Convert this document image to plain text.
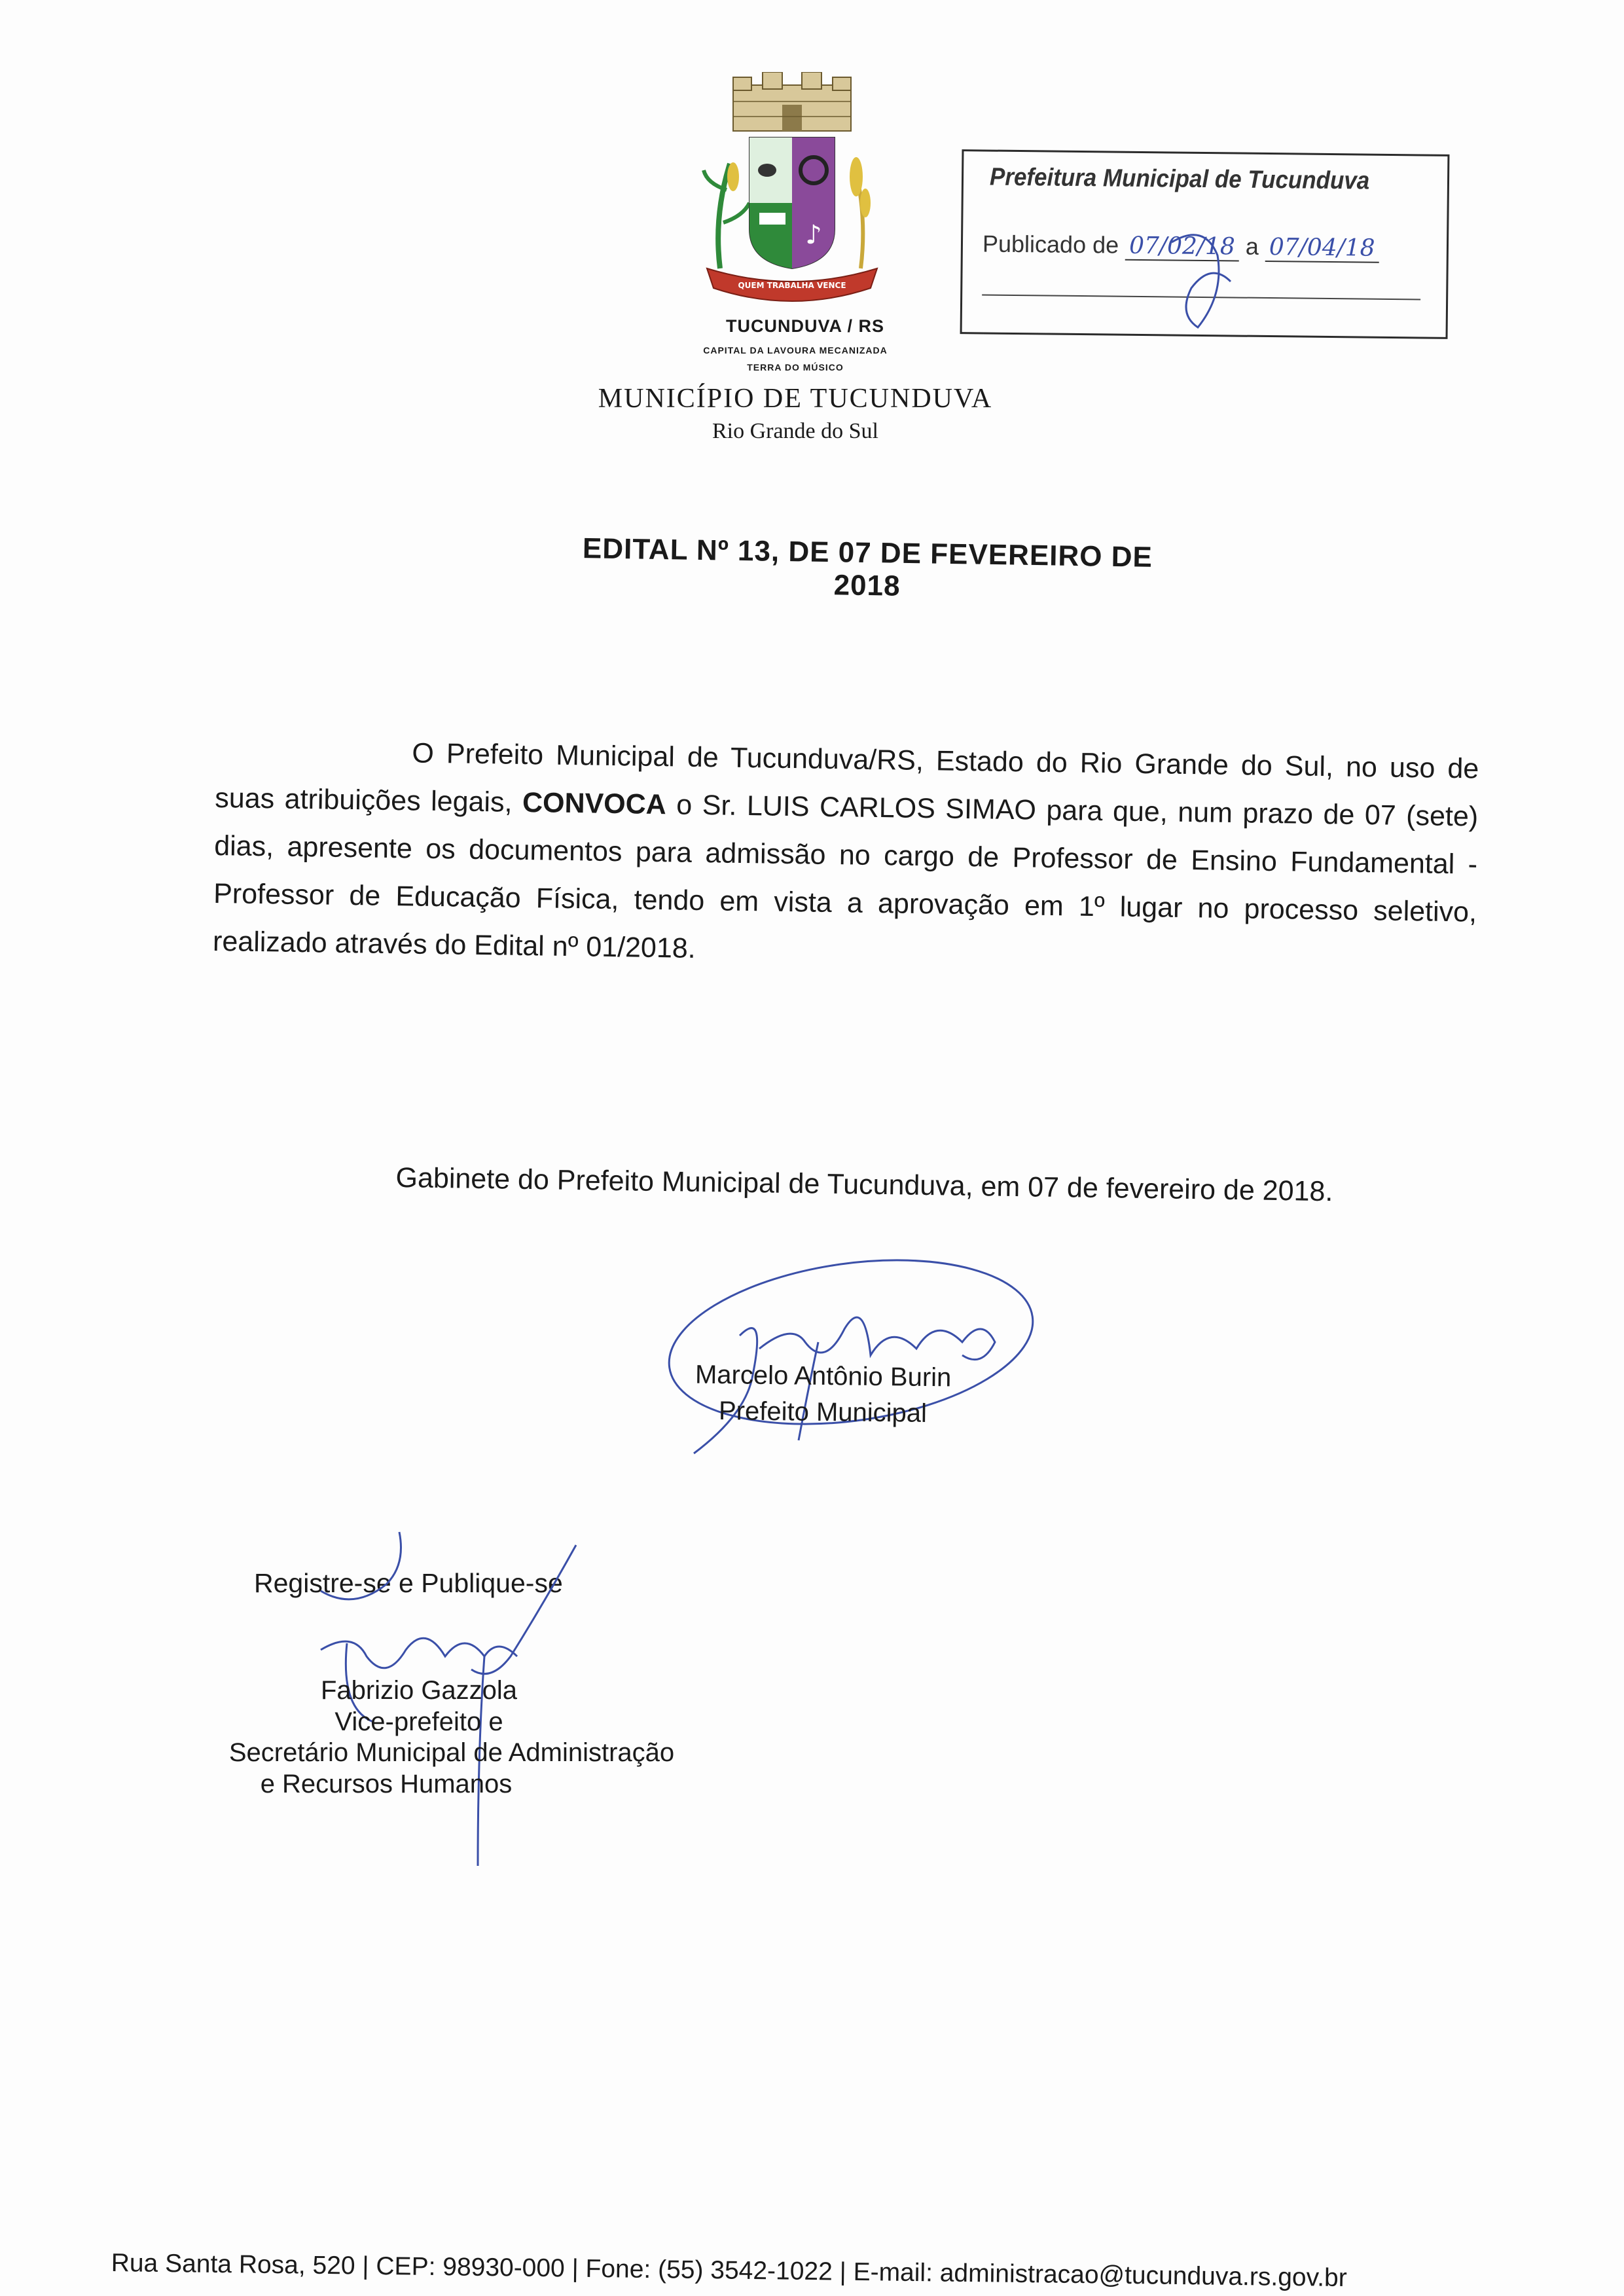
♪
QUEM TRABALHA VENCE
TUCUNDUVA / RS
CAPITAL DA LAVOURA MECANIZADA
TERRA DO MÚSICO
MUNICÍPIO DE TUCUNDUVA
Rio Grande do Sul
Prefeitura Municipal de Tucunduva
Publicado de 07/02/18 a 07/04/18
EDITAL Nº 13, DE 07 DE FEVEREIRO DE 2018
O Prefeito Municipal de Tucunduva/RS, Estado do Rio Grande do Sul, no uso de suas atribuições legais, CONVOCA o Sr. LUIS CARLOS SIMAO para que, num prazo de 07 (sete) dias, apresente os documentos para admissão no cargo de Professor de Ensino Fundamental - Professor de Educação Física, tendo em vista a aprovação em 1º lugar no processo seletivo, realizado através do Edital nº 01/2018.
Gabinete do Prefeito Municipal de Tucunduva, em 07 de fevereiro de 2018.
Marcelo Antônio Burin
Prefeito Municipal
Registre-se e Publique-se
Fabrizio Gazzola
Vice-prefeito e
Secretário Municipal de Administração
e Recursos Humanos
Rua Santa Rosa, 520 | CEP: 98930-000 | Fone: (55) 3542-1022 | E-mail: administracao@tucunduva.rs.gov.br
